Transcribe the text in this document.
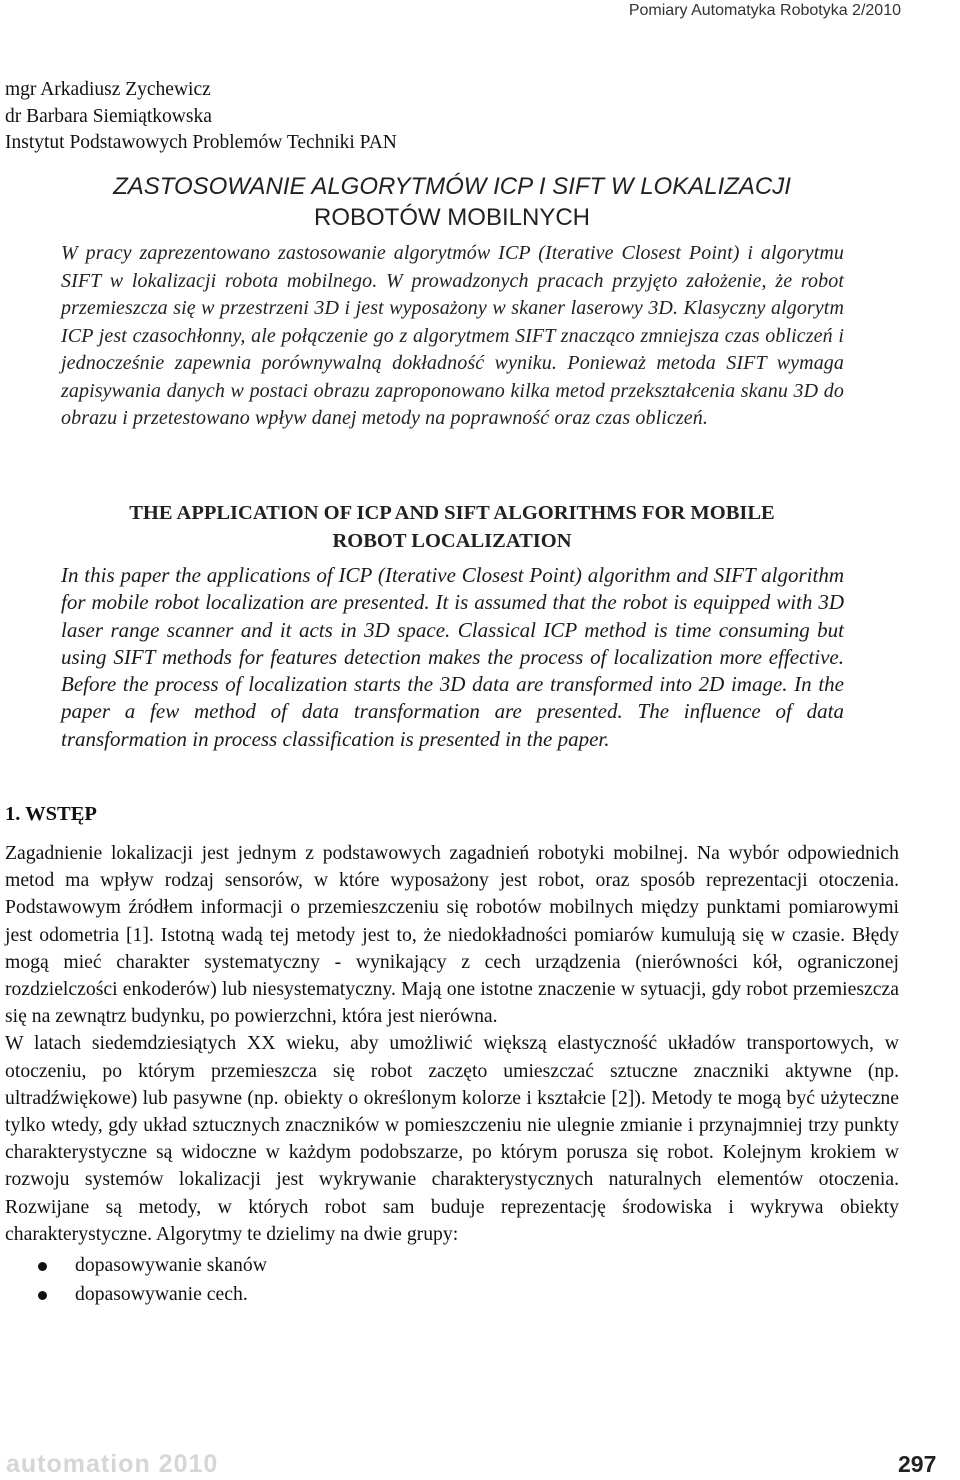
Pomiary Automatyka Robotyka 2/2010
mgr Arkadiusz Zychewicz
dr Barbara Siemiątkowska
Instytut Podstawowych Problemów Techniki PAN
ZASTOSOWANIE ALGORYTMÓW ICP I SIFT W LOKALIZACJI
ROBOTÓW MOBILNYCH

W pracy zaprezentowano zastosowanie algorytmów ICP (Iterative Closest Point) i algorytmu SIFT w lokalizacji robota mobilnego. W prowadzonych pracach przyjęto założenie, że robot przemieszcza się w przestrzeni 3D i jest wyposażony w skaner laserowy 3D. Klasyczny algorytm ICP jest czasochłonny, ale połączenie go z algorytmem SIFT znacząco zmniejsza czas obliczeń i jednocześnie zapewnia porównywalną dokładność wyniku. Ponieważ metoda SIFT wymaga zapisywania danych w postaci obrazu zaproponowano kilka metod przekształcenia skanu 3D do obrazu i przetestowano wpływ danej metody na poprawność oraz czas obliczeń.

THE APPLICATION OF ICP AND SIFT ALGORITHMS FOR MOBILE
ROBOT LOCALIZATION

In this paper the applications of ICP (Iterative Closest Point) algorithm and SIFT algorithm for mobile robot localization are presented. It is assumed that the robot is equipped with 3D laser range scanner and it acts in 3D space. Classical ICP method is time consuming but using SIFT methods for features detection makes the process of localization more effective. Before the process of localization starts the 3D data are transformed into 2D image. In the paper a few method of data transformation are presented. The influence of data transformation in process classification is presented in the paper.

1. WSTĘP

Zagadnienie lokalizacji jest jednym z podstawowych zagadnień robotyki mobilnej. Na wybór odpowiednich metod ma wpływ rodzaj sensorów, w które wyposażony jest robot, oraz sposób reprezentacji otoczenia. Podstawowym źródłem informacji o przemieszczeniu się robotów mobilnych między punktami pomiarowymi jest odometria [1]. Istotną wadą tej metody jest to, że niedokładności pomiarów kumulują się w czasie. Błędy mogą mieć charakter systematyczny - wynikający z cech urządzenia (nierówności kół, ograniczonej rozdzielczości enkoderów) lub niesystematyczny. Mają one istotne znaczenie w sytuacji, gdy robot przemieszcza się na zewnątrz budynku, po powierzchni, która jest nierówna.

W latach siedemdziesiątych XX wieku, aby umożliwić większą elastyczność układów transportowych, w otoczeniu, po którym przemieszcza się robot zaczęto umieszczać sztuczne znaczniki aktywne (np. ultradźwiękowe) lub pasywne (np. obiekty o określonym kolorze i kształcie [2]). Metody te mogą być użyteczne tylko wtedy, gdy układ sztucznych znaczników w pomieszczeniu nie ulegnie zmianie i przynajmniej trzy punkty charakterystyczne są widoczne w każdym podobszarze, po którym porusza się robot. Kolejnym krokiem w rozwoju systemów lokalizacji jest wykrywanie charakterystycznych naturalnych elementów otoczenia. Rozwijane są metody, w których robot sam buduje reprezentację środowiska i wykrywa obiekty charakterystyczne. Algorytmy te dzielimy na dwie grupy:

dopasowywanie skanów
dopasowywanie cech.
automation 2010	297
